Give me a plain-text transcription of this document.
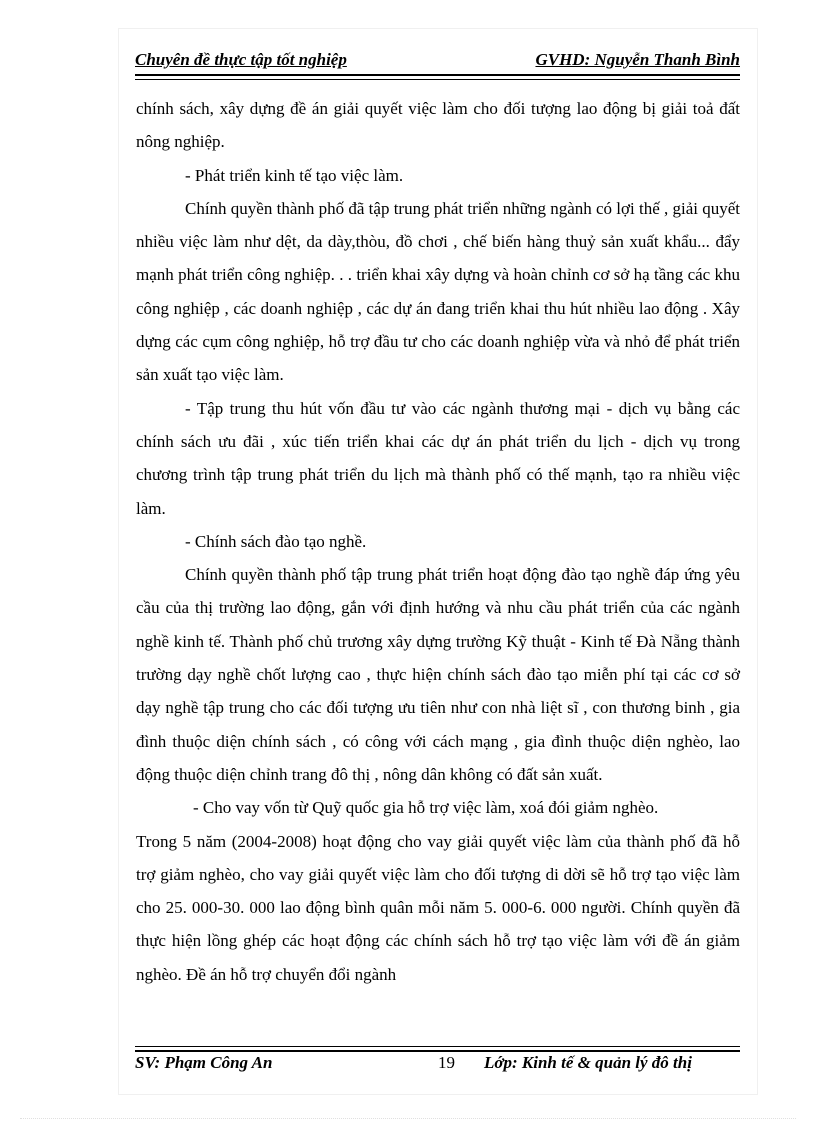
Chuyên đề thực tập tốt nghiệp	GVHD: Nguyễn Thanh Bình

chính sách, xây dựng đề án giải quyết việc làm cho đối tượng lao động bị giải toả đất nông nghiệp.

- Phát triển kinh tế tạo việc làm.

Chính quyền thành phố đã tập trung phát triển những ngành có lợi thế , giải quyết nhiều việc làm như dệt, da dày,thòu, đồ chơi , chế biến hàng thuỷ sản xuất khẩu... đẩy mạnh phát triển công nghiệp. . . triển khai xây dựng và hoàn chỉnh cơ sở hạ tầng các khu công nghiệp , các doanh nghiệp , các dự án đang triển khai thu hút nhiều lao động . Xây dựng các cụm công nghiệp, hỗ trợ đầu tư cho các doanh nghiệp vừa và nhỏ để phát triển sản xuất tạo việc làm.

- Tập trung thu hút vốn đầu tư vào các ngành thương mại - dịch vụ bằng các chính sách ưu đãi , xúc tiến triển khai các dự án phát triển du lịch - dịch vụ trong chương trình tập trung phát triển du lịch mà thành phố có thế mạnh, tạo ra nhiều việc làm.

- Chính sách đào tạo nghề.

Chính quyền thành phố tập trung phát triển hoạt động đào tạo nghề đáp ứng yêu cầu của thị trường lao động, gắn với định hướng và nhu cầu phát triển của các ngành nghề kinh tế. Thành phố chủ trương xây dựng trường Kỹ thuật - Kinh tế Đà Nẵng thành trường dạy nghề chốt lượng cao , thực hiện chính sách đào tạo miễn phí tại các cơ sở dạy nghề tập trung cho các đối tượng ưu tiên như con nhà liệt sĩ , con thương binh , gia đình thuộc diện chính sách , có công với cách mạng , gia đình thuộc diện nghèo, lao động thuộc diện chỉnh trang đô thị , nông dân không có đất sản xuất.

- Cho vay vốn từ Quỹ quốc gia hỗ trợ việc làm, xoá đói giảm nghèo.

Trong 5 năm (2004-2008) hoạt động cho vay giải quyết việc làm của thành phố đã hỗ trợ giảm nghèo, cho vay giải quyết việc làm cho đối tượng di dời sẽ hỗ trợ tạo việc làm cho 25. 000-30. 000 lao động bình quân mỗi năm 5. 000-6. 000 người. Chính quyền đã thực hiện lồng ghép các hoạt động các chính sách hỗ trợ tạo việc làm với đề án giảm nghèo. Đề án hỗ trợ chuyển đổi ngành

SV: Phạm Công An	19 Lớp: Kinh tế & quản lý đô thị
